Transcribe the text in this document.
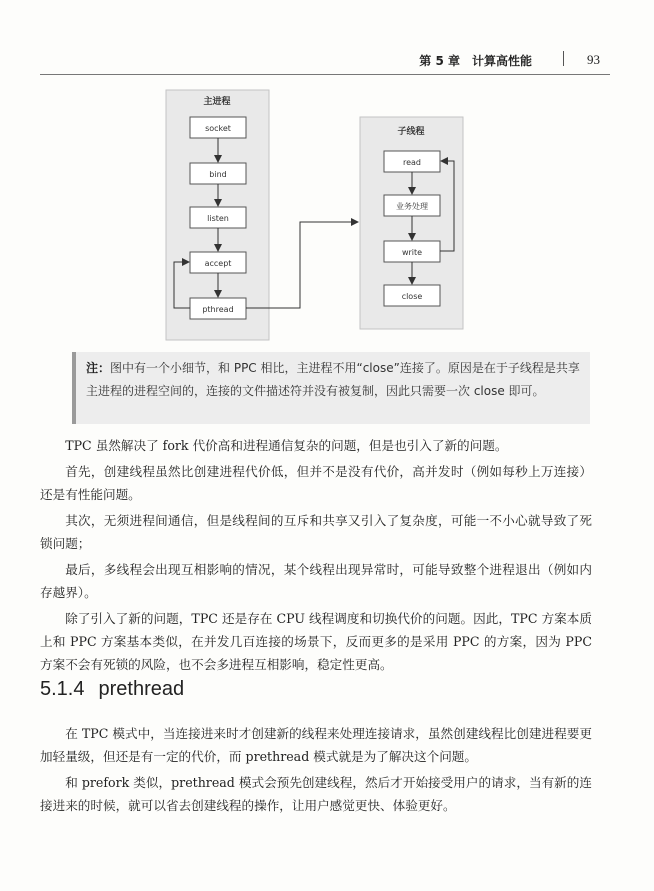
第 5 章　计算高性能	93
主进程
socket
bind
listen
accept
pthread
子线程
read
业务处理
write
close
注：图中有一个小细节，和 PPC 相比，主进程不用“close”连接了。原因是在于子线程是共享主进程的进程空间的，连接的文件描述符并没有被复制，因此只需要一次 close 即可。

TPC 虽然解决了 fork 代价高和进程通信复杂的问题，但是也引入了新的问题。

首先，创建线程虽然比创建进程代价低，但并不是没有代价，高并发时（例如每秒上万连接）还是有性能问题。

其次，无须进程间通信，但是线程间的互斥和共享又引入了复杂度，可能一不小心就导致了死锁问题；

最后，多线程会出现互相影响的情况，某个线程出现异常时，可能导致整个进程退出（例如内存越界）。

除了引入了新的问题，TPC 还是存在 CPU 线程调度和切换代价的问题。因此，TPC 方案本质上和 PPC 方案基本类似，在并发几百连接的场景下，反而更多的是采用 PPC 的方案，因为 PPC 方案不会有死锁的风险，也不会多进程互相影响，稳定性更高。

5.1.4 prethread

在 TPC 模式中，当连接进来时才创建新的线程来处理连接请求，虽然创建线程比创建进程要更加轻量级，但还是有一定的代价，而 prethread 模式就是为了解决这个问题。

和 prefork 类似，prethread 模式会预先创建线程，然后才开始接受用户的请求，当有新的连接进来的时候，就可以省去创建线程的操作，让用户感觉更快、体验更好。
